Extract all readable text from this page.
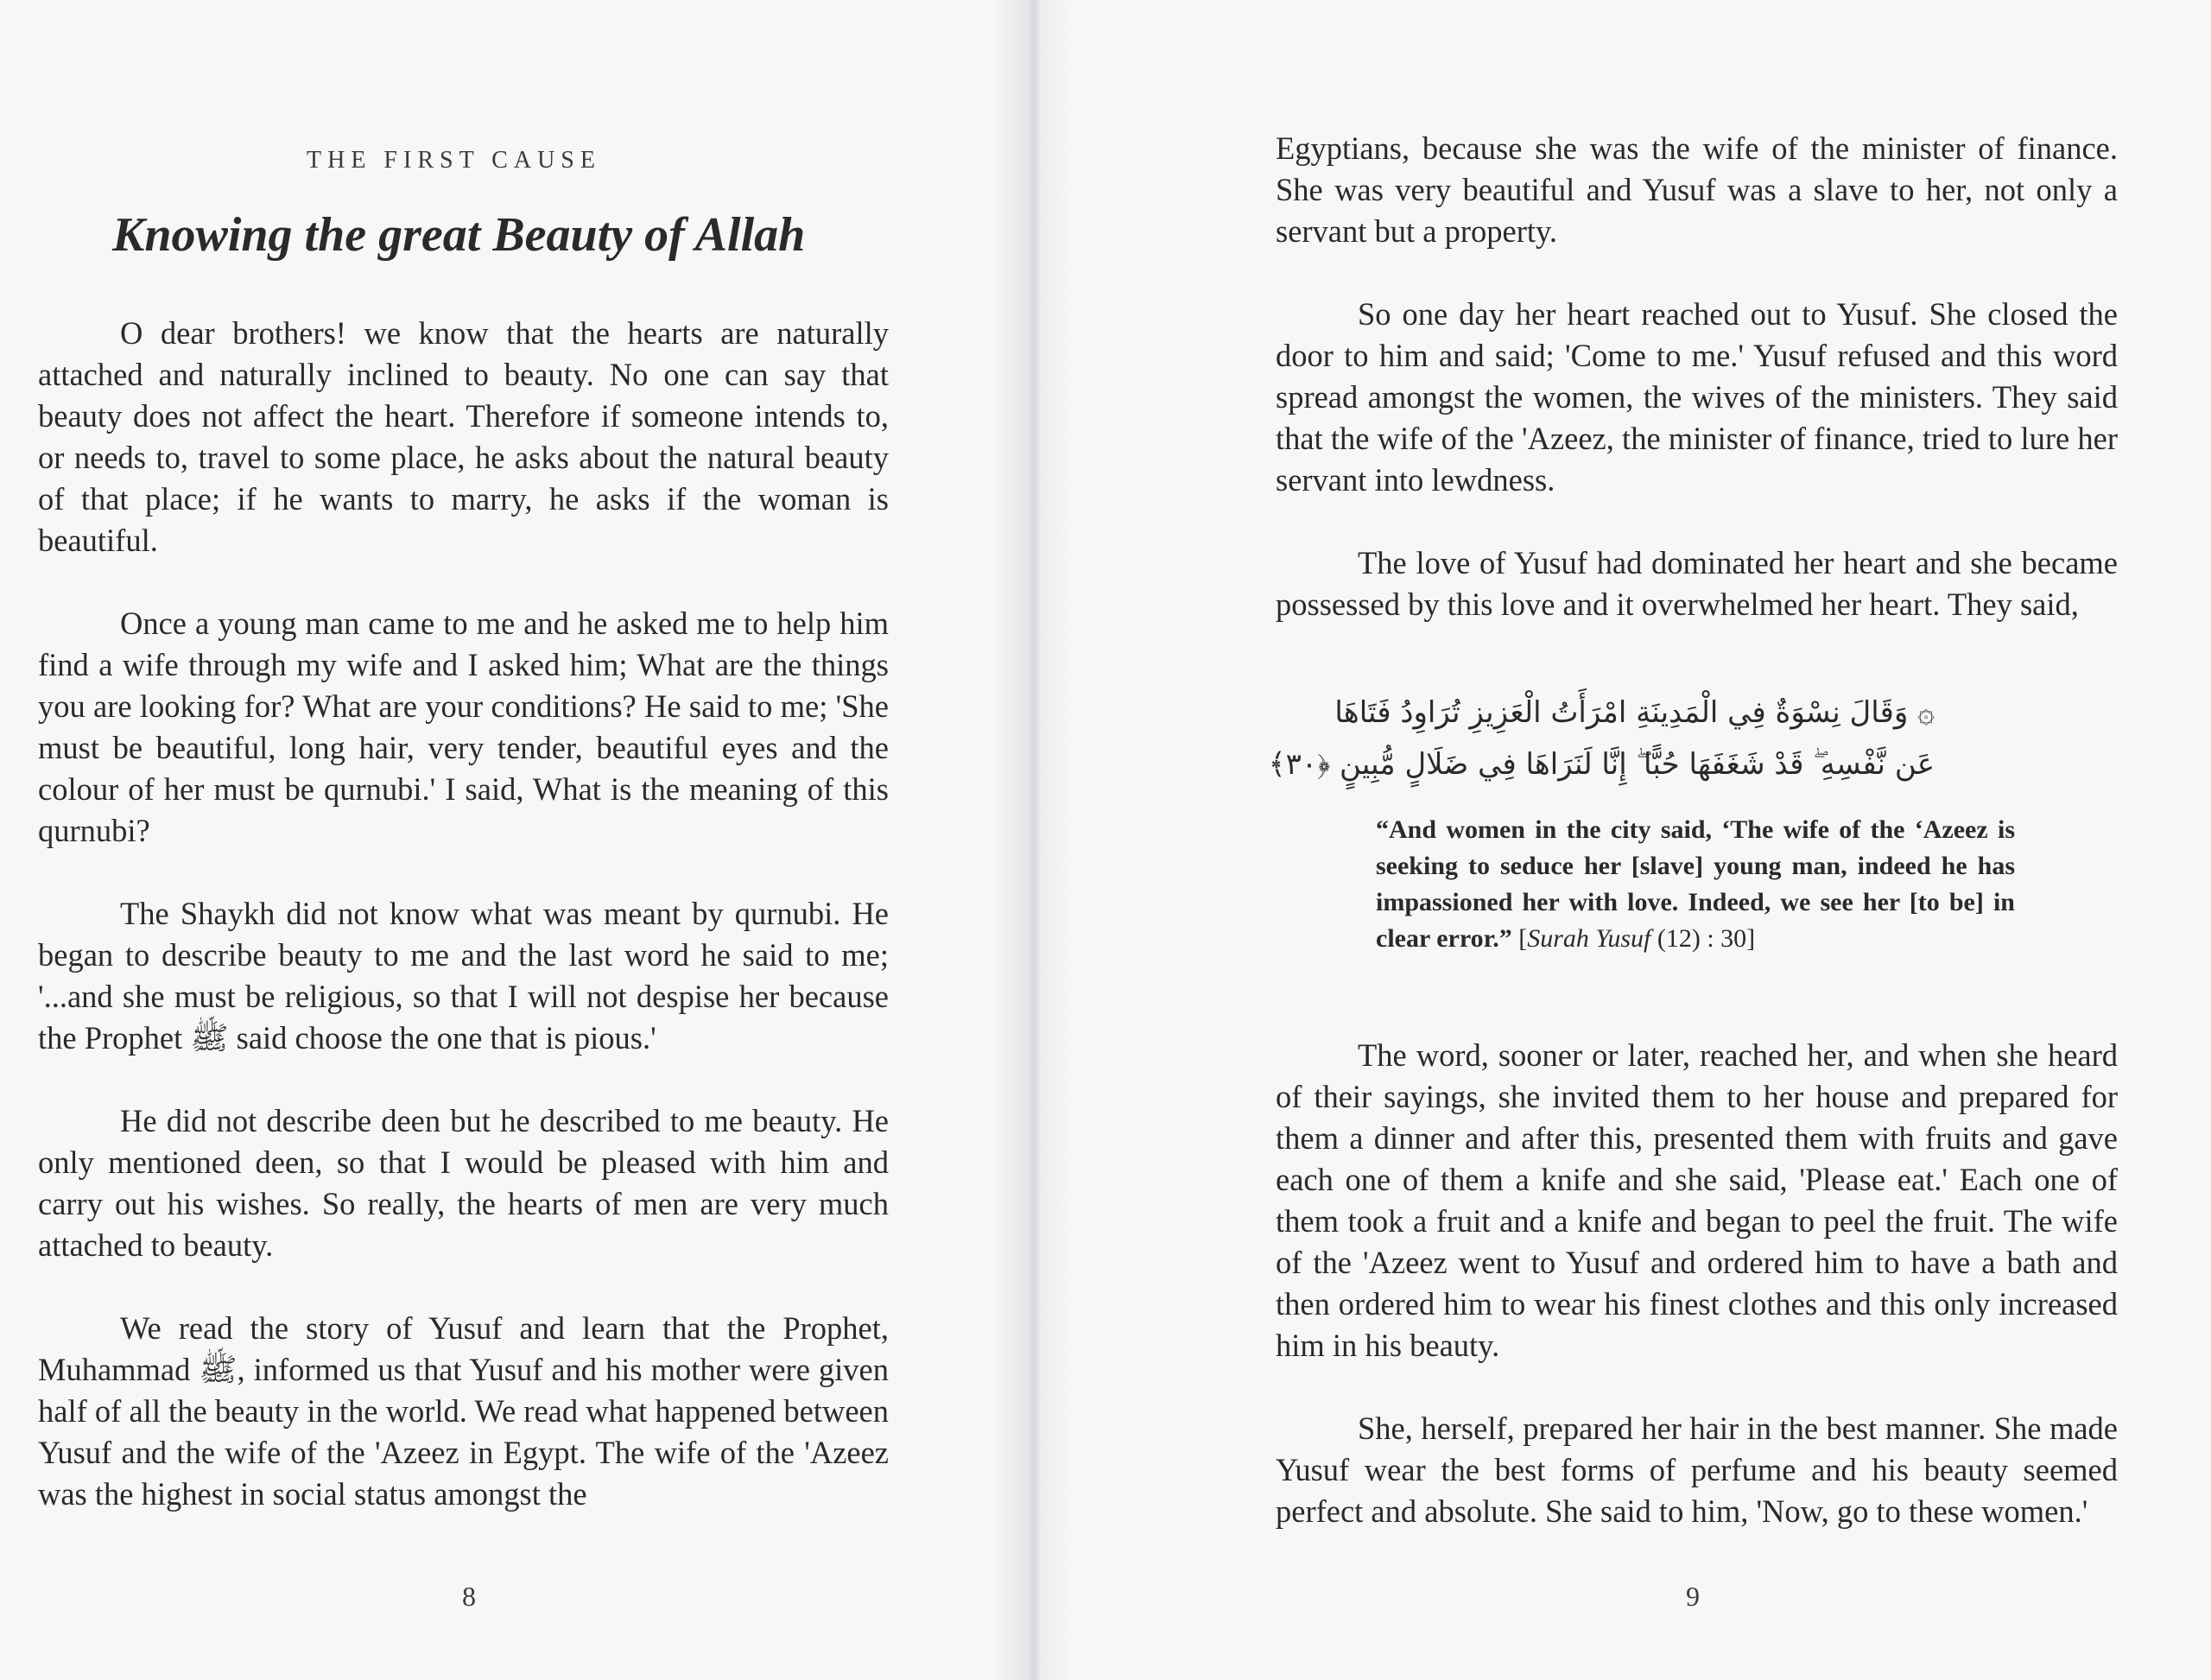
THE FIRST CAUSE
Knowing the great Beauty of Allah

O dear brothers! we know that the hearts are naturally attached and naturally inclined to beauty. No one can say that beauty does not affect the heart. Therefore if someone intends to, or needs to, travel to some place, he asks about the natural beauty of that place; if he wants to marry, he asks if the woman is beautiful.

Once a young man came to me and he asked me to help him find a wife through my wife and I asked him; What are the things you are looking for? What are your conditions? He said to me; 'She must be beautiful, long hair, very tender, beautiful eyes and the colour of her must be qurnubi.' I said, What is the meaning of this qurnubi?

The Shaykh did not know what was meant by qurnubi. He began to describe beauty to me and the last word he said to me; '...and she must be religious, so that I will not despise her because the Prophet ﷺ said choose the one that is pious.'

He did not describe deen but he described to me beauty. He only mentioned deen, so that I would be pleased with him and carry out his wishes. So really, the hearts of men are very much attached to beauty.

We read the story of Yusuf and learn that the Prophet, Muhammad ﷺ, informed us that Yusuf and his mother were given half of all the beauty in the world. We read what happened between Yusuf and the wife of the 'Azeez in Egypt. The wife of the 'Azeez was the highest in social status amongst the

8

Egyptians, because she was the wife of the minister of finance. She was very beautiful and Yusuf was a slave to her, not only a servant but a property.

So one day her heart reached out to Yusuf. She closed the door to him and said; 'Come to me.' Yusuf refused and this word spread amongst the women, the wives of the ministers. They said that the wife of the 'Azeez, the minister of finance, tried to lure her servant into lewdness.

The love of Yusuf had dominated her heart and she became possessed by this love and it overwhelmed her heart. They said,

۞ وَقَالَ نِسْوَةٌ فِي الْمَدِينَةِ امْرَأَتُ الْعَزِيزِ تُرَاوِدُ فَتَاهَا
عَن نَّفْسِهِ ۖ قَدْ شَغَفَهَا حُبًّا ۖ إِنَّا لَنَرَاهَا فِي ضَلَالٍ مُّبِينٍ ﴿٣٠﴾
“And women in the city said, ‘The wife of the ‘Azeez is seeking to seduce her [slave] young man, indeed he has impassioned her with love. Indeed, we see her [to be] in clear error.” [Surah Yusuf (12) : 30]

The word, sooner or later, reached her, and when she heard of their sayings, she invited them to her house and prepared for them a dinner and after this, presented them with fruits and gave each one of them a knife and she said, 'Please eat.' Each one of them took a fruit and a knife and began to peel the fruit. The wife of the 'Azeez went to Yusuf and ordered him to have a bath and then ordered him to wear his finest clothes and this only increased him in his beauty.

She, herself, prepared her hair in the best manner. She made Yusuf wear the best forms of perfume and his beauty seemed perfect and absolute. She said to him, 'Now, go to these women.'

9
